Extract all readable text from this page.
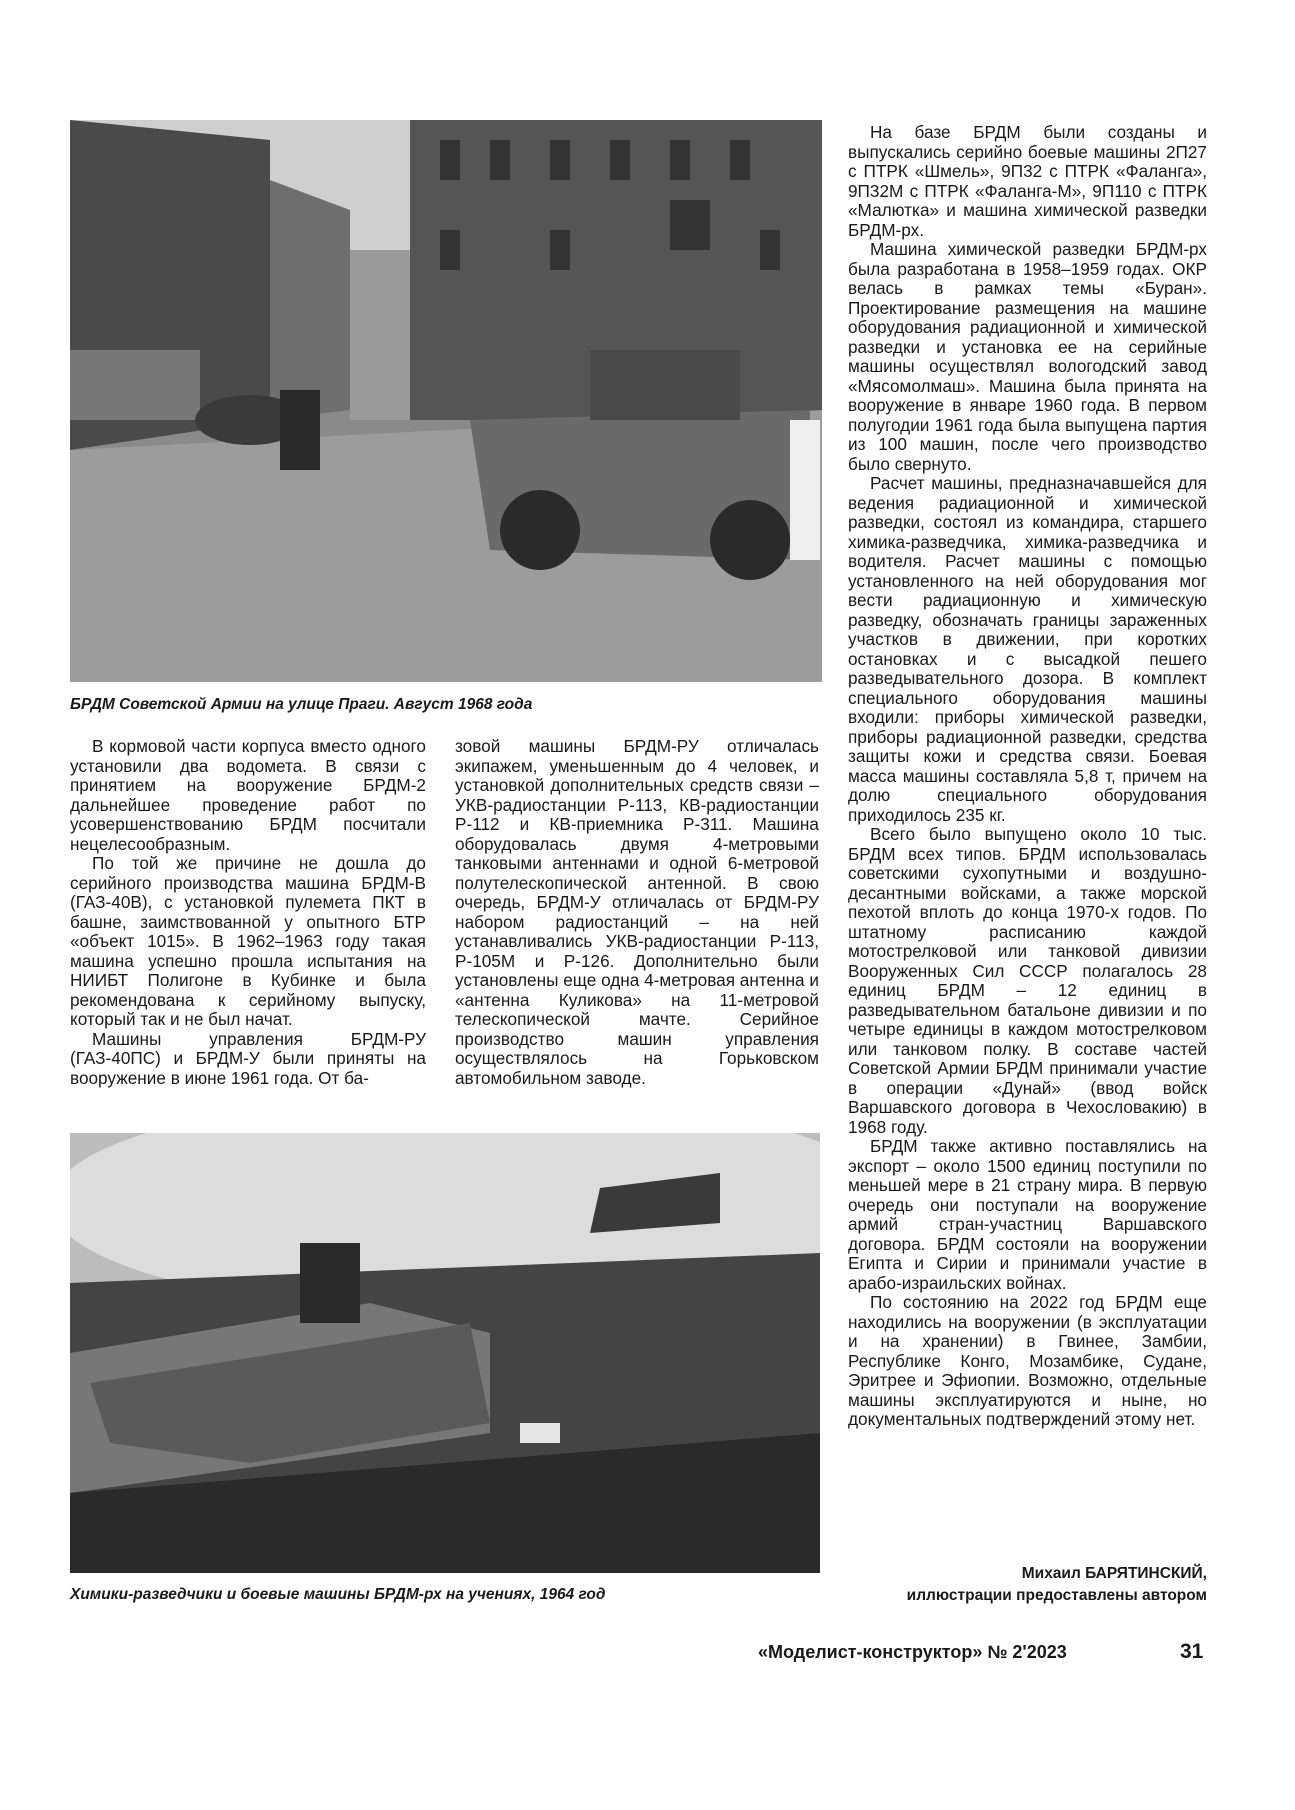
БРДМ Советской Армии на улице Праги. Август 1968 года

В кормовой части корпуса вместо одного установили два водомета. В связи с принятием на вооружение БРДМ-2 дальнейшее проведение работ по усовершенствованию БРДМ посчитали нецелесообразным.

По той же причине не дошла до серийного производства машина БРДМ-В (ГАЗ-40В), с установкой пулемета ПКТ в башне, заимствованной у опытного БТР «объект 1015». В 1962–1963 году такая машина успешно прошла испытания на НИИБТ Полигоне в Кубинке и была рекомендована к серийному выпуску, который так и не был начат.

Машины управления БРДМ-РУ (ГАЗ-40ПС) и БРДМ-У были приняты на вооружение в июне 1961 года. От ба-

зовой машины БРДМ-РУ отличалась экипажем, уменьшенным до 4 человек, и установкой дополнительных средств связи – УКВ-радиостанции Р-113, КВ-радиостанции Р-112 и КВ-приемника Р-311. Машина оборудовалась двумя 4-метровыми танковыми антеннами и одной 6-метровой полутелескопической антенной. В свою очередь, БРДМ-У отличалась от БРДМ-РУ набором радиостанций – на ней устанавливались УКВ-радиостанции Р-113, Р-105М и Р-126. Дополнительно были установлены еще одна 4-метровая антенна и «антенна Куликова» на 11-метровой телескопической мачте. Серийное производство машин управления осуществлялось на Горьковском автомобильном заводе.

Химики-разведчики и боевые машины БРДМ-рх на учениях, 1964 год

На базе БРДМ были созданы и выпускались серийно боевые машины 2П27 с ПТРК «Шмель», 9П32 с ПТРК «Фаланга», 9П32М с ПТРК «Фаланга-М», 9П110 с ПТРК «Малютка» и машина химической разведки БРДМ-рх.

Машина химической разведки БРДМ-рх была разработана в 1958–1959 годах. ОКР велась в рамках темы «Буран». Проектирование размещения на машине оборудования радиационной и химической разведки и установка ее на серийные машины осуществлял вологодский завод «Мясомолмаш». Машина была принята на вооружение в январе 1960 года. В первом полугодии 1961 года была выпущена партия из 100 машин, после чего производство было свернуто.

Расчет машины, предназначавшейся для ведения радиационной и химической разведки, состоял из командира, старшего химика-разведчика, химика-разведчика и водителя. Расчет машины с помощью установленного на ней оборудования мог вести радиационную и химическую разведку, обозначать границы зараженных участков в движении, при коротких остановках и с высадкой пешего разведывательного дозора. В комплект специального оборудования машины входили: приборы химической разведки, приборы радиационной разведки, средства защиты кожи и средства связи. Боевая масса машины составляла 5,8 т, причем на долю специального оборудования приходилось 235 кг.

Всего было выпущено около 10 тыс. БРДМ всех типов. БРДМ использовалась советскими сухопутными и воздушно-десантными войсками, а также морской пехотой вплоть до конца 1970-х годов. По штатному расписанию каждой мотострелковой или танковой дивизии Вооруженных Сил СССР полагалось 28 единиц БРДМ – 12 единиц в разведывательном батальоне дивизии и по четыре единицы в каждом мотострелковом или танковом полку. В составе частей Советской Армии БРДМ принимали участие в операции «Дунай» (ввод войск Варшавского договора в Чехословакию) в 1968 году.

БРДМ также активно поставлялись на экспорт – около 1500 единиц поступили по меньшей мере в 21 страну мира. В первую очередь они поступали на вооружение армий стран-участниц Варшавского договора. БРДМ состояли на вооружении Египта и Сирии и принимали участие в арабо-израильских войнах.

По состоянию на 2022 год БРДМ еще находились на вооружении (в эксплуатации и на хранении) в Гвинее, Замбии, Республике Конго, Мозамбике, Судане, Эритрее и Эфиопии. Возможно, отдельные машины эксплуатируются и ныне, но документальных подтверждений этому нет.

Михаил БАРЯТИНСКИЙ,
иллюстрации предоставлены автором
«Моделист-конструктор» № 2'2023	31
